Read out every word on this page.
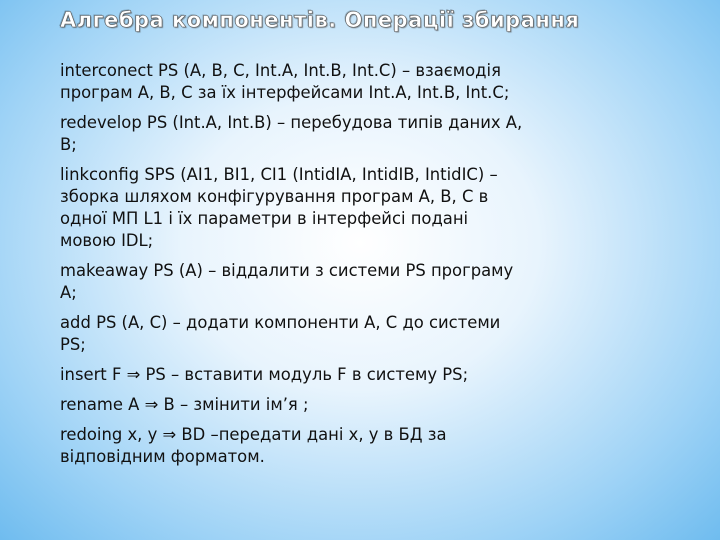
Алгебра компонентів. Операції збирання
interconect PS (A, B, C, Int.A, Int.B, Int.C) – взаємодія
програм A, B, C за їх інтерфейсами Int.A, Int.B, Int.C;
redevelop PS (Int.A, Int.B) – перебудова типів даних А,
В;
linkconfig SPS (AI1, BI1, CI1 (IntidIA, IntidIB, IntidIC) –
зборка шляхом конфігурування програм А, В, С в
одної МП L1 і їх параметри в інтерфейсі подані
мовою IDL;
makeaway PS (A) – віддалити з системи PS програму
A;
add PS (A, C) – додати компоненти А, С до системи
PS;
insert F ⇒ PS – вставити модуль F в систему PS;
rename A ⇒ B – змінити ім’я ;
redoing x, y ⇒ BD –передати дані x, y в БД за
відповідним форматом.
